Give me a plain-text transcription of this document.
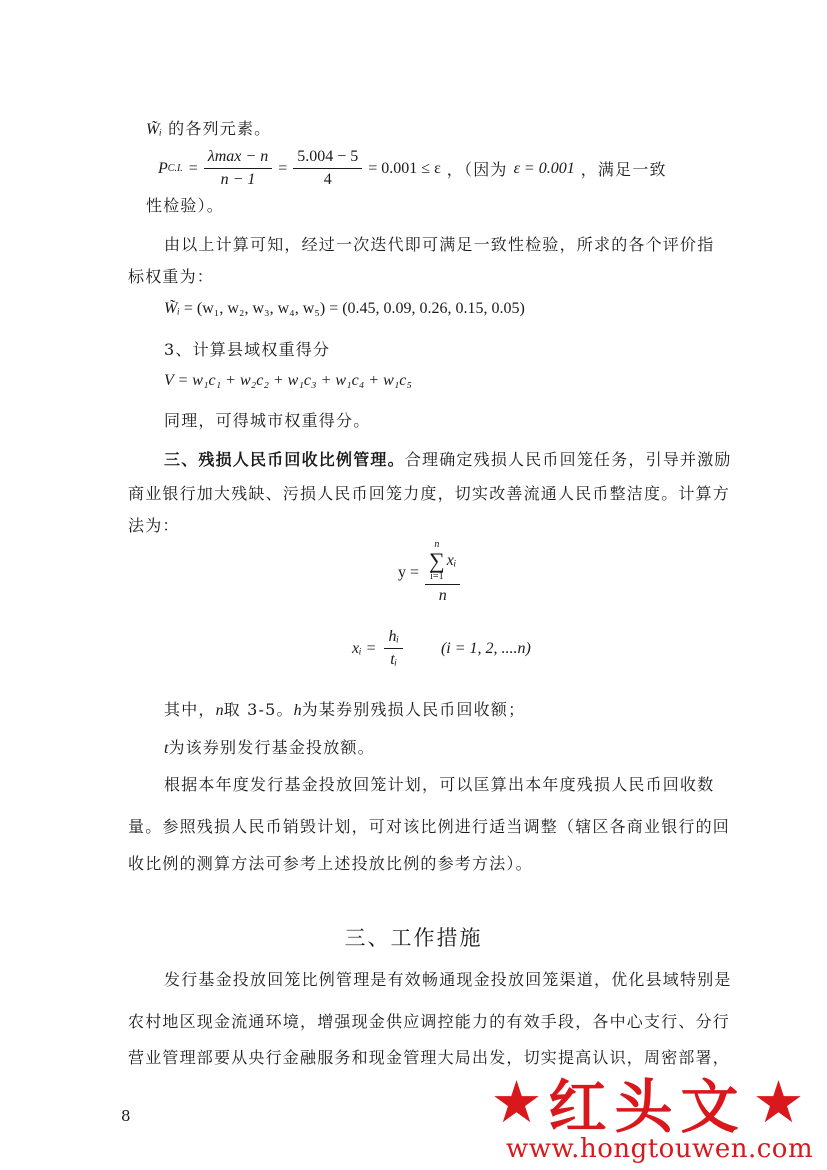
W̃ᵢ 的各列元素。
P C.I. = $\frac{\lambda\max - n}{n - 1} = \frac{5.004 - 5}{4} = 0.001 \le \varepsilon$ ，（因为 ε = 0.001 ，满足一致
性检验）。
由以上计算可知，经过一次迭代即可满足一致性检验，所求的各个评价指
标权重为：
W̃ᵢ = (w₁, w₂, w₃, w₄, w₅) = (0.45, 0.09, 0.26, 0.15, 0.05)
3、计算县域权重得分
V = w₁c₁ + w₂c₂ + w₁c₃ + w₁c₄ + w₁c₅
同理，可得城市权重得分。
三、残损人民币回收比例管理。合理确定残损人民币回笼任务，引导并激励
商业银行加大残缺、污损人民币回笼力度，切实改善流通人民币整洁度。计算方
法为：
y = n
∑
i=1
xᵢ
n
xᵢ = $\frac{\text{hᵢ}}{\text{tᵢ}} (i = 1$, 2, ....n)
其中，n取 3-5。h为某券别残损人民币回收额；
t为该券别发行基金投放额。
根据本年度发行基金投放回笼计划，可以匡算出本年度残损人民币回收数
量。参照残损人民币销毁计划，可对该比例进行适当调整（辖区各商业银行的回
收比例的测算方法可参考上述投放比例的参考方法）。
三、工作措施
发行基金投放回笼比例管理是有效畅通现金投放回笼渠道，优化县域特别是
农村地区现金流通环境，增强现金供应调控能力的有效手段，各中心支行、分行
营业管理部要从央行金融服务和现金管理大局出发，切实提高认识，周密部署，
8	★ 红头文 ★
www.hongtouwen.com
